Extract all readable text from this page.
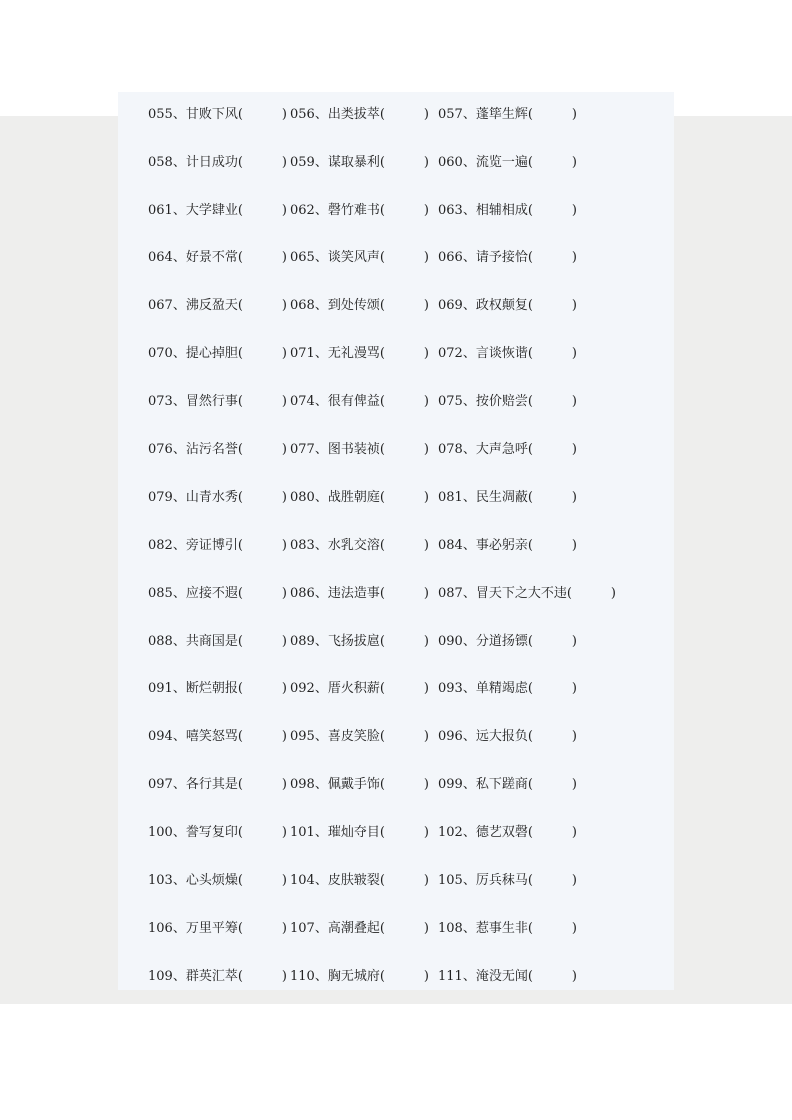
055、甘败下风(　　　) 056、出类拔萃(　　　) 057、蓬筚生辉(　　　)
058、计日成功(　　　) 059、谋取暴利(　　　) 060、流览一遍(　　　)
061、大学肆业(　　　) 062、磬竹难书(　　　) 063、相辅相成(　　　)
064、好景不常(　　　) 065、谈笑风声(　　　) 066、请予接恰(　　　)
067、沸反盈天(　　　) 068、到处传颂(　　　) 069、政权颠复(　　　)
070、提心掉胆(　　　) 071、无礼漫骂(　　　) 072、言谈恢谐(　　　)
073、冒然行事(　　　) 074、很有俾益(　　　) 075、按价赔尝(　　　)
076、沾污名誉(　　　) 077、图书装祯(　　　) 078、大声急呼(　　　)
079、山青水秀(　　　) 080、战胜朝庭(　　　) 081、民生凋蔽(　　　)
082、旁证博引(　　　) 083、水乳交溶(　　　) 084、事必躬亲(　　　)
085、应接不遐(　　　) 086、违法造事(　　　) 087、冒天下之大不违(　　　)
088、共商国是(　　　) 089、飞扬拔扈(　　　) 090、分道扬镖(　　　)
091、断烂朝报(　　　) 092、厝火积薪(　　　) 093、单精竭虑(　　　)
094、嘻笑怒骂(　　　) 095、喜皮笑脸(　　　) 096、远大报负(　　　)
097、各行其是(　　　) 098、佩戴手饰(　　　) 099、私下蹉商(　　　)
100、誊写复印(　　　) 101、璀灿夺目(　　　) 102、德艺双磬(　　　)
103、心头烦燥(　　　) 104、皮肤皲裂(　　　) 105、厉兵秣马(　　　)
106、万里平筹(　　　) 107、高潮叠起(　　　) 108、惹事生非(　　　)
109、群英汇萃(　　　) 110、胸无城府(　　　) 111、淹没无闻(　　　)
